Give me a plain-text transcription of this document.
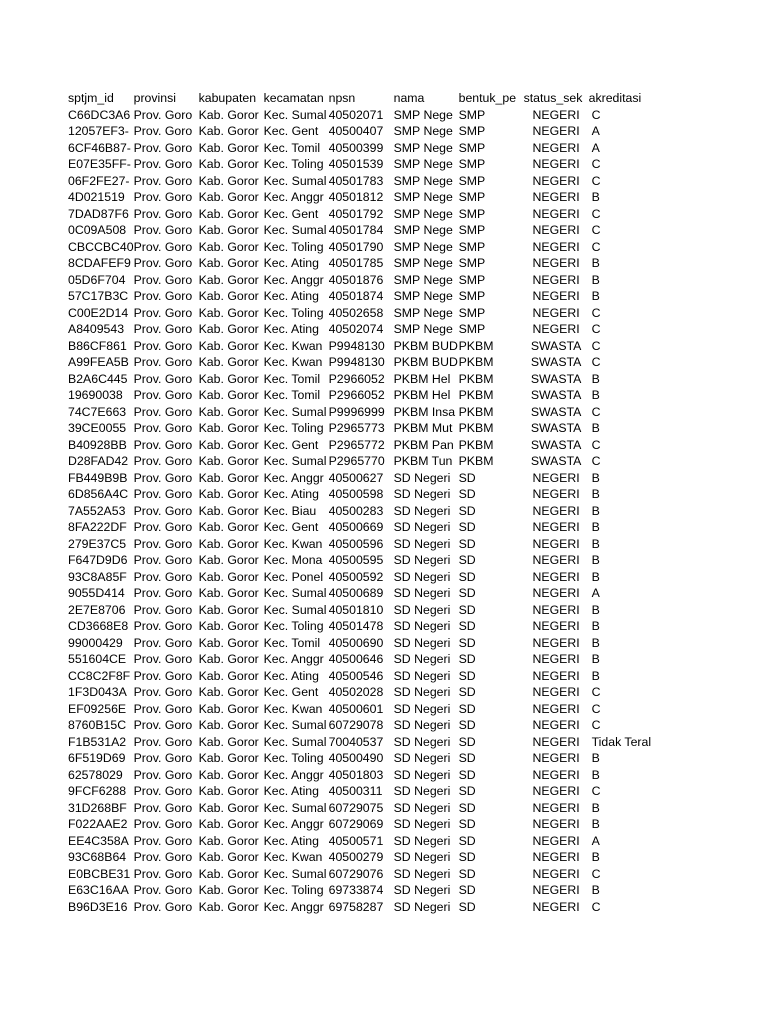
sptjm_id	provinsi	kabupaten	kecamatan	npsn	nama	bentuk_pe	status_sek	akreditasi
C66DC3A6	Prov. Goro	Kab. Goror	Kec. Sumal	40502071	SMP Nege	SMP	NEGERI	C
12057EF3-	Prov. Goro	Kab. Goror	Kec. Gent	40500407	SMP Nege	SMP	NEGERI	A
6CF46B87-	Prov. Goro	Kab. Goror	Kec. Tomil	40500399	SMP Nege	SMP	NEGERI	A
E07E35FF-	Prov. Goro	Kab. Goror	Kec. Toling	40501539	SMP Nege	SMP	NEGERI	C
06F2FE27-	Prov. Goro	Kab. Goror	Kec. Sumal	40501783	SMP Nege	SMP	NEGERI	C
4D021519	Prov. Goro	Kab. Goror	Kec. Anggr	40501812	SMP Nege	SMP	NEGERI	B
7DAD87F6	Prov. Goro	Kab. Goror	Kec. Gent	40501792	SMP Nege	SMP	NEGERI	C
0C09A508	Prov. Goro	Kab. Goror	Kec. Sumal	40501784	SMP Nege	SMP	NEGERI	C
CBCCBC40	Prov. Goro	Kab. Goror	Kec. Toling	40501790	SMP Nege	SMP	NEGERI	C
8CDAFEF9	Prov. Goro	Kab. Goror	Kec. Ating	40501785	SMP Nege	SMP	NEGERI	B
05D6F704	Prov. Goro	Kab. Goror	Kec. Anggr	40501876	SMP Nege	SMP	NEGERI	B
57C17B3C	Prov. Goro	Kab. Goror	Kec. Ating	40501874	SMP Nege	SMP	NEGERI	B
C00E2D14	Prov. Goro	Kab. Goror	Kec. Toling	40502658	SMP Nege	SMP	NEGERI	C
A8409543	Prov. Goro	Kab. Goror	Kec. Ating	40502074	SMP Nege	SMP	NEGERI	C
B86CF861	Prov. Goro	Kab. Goror	Kec. Kwan	P9948130	PKBM BUD	PKBM	SWASTA	C
A99FEA5B	Prov. Goro	Kab. Goror	Kec. Kwan	P9948130	PKBM BUD	PKBM	SWASTA	C
B2A6C445	Prov. Goro	Kab. Goror	Kec. Tomil	P2966052	PKBM Hel	PKBM	SWASTA	B
19690038	Prov. Goro	Kab. Goror	Kec. Tomil	P2966052	PKBM Hel	PKBM	SWASTA	B
74C7E663	Prov. Goro	Kab. Goror	Kec. Sumal	P9996999	PKBM Insa	PKBM	SWASTA	C
39CE0055	Prov. Goro	Kab. Goror	Kec. Toling	P2965773	PKBM Mut	PKBM	SWASTA	B
B40928BB	Prov. Goro	Kab. Goror	Kec. Gent	P2965772	PKBM Pan	PKBM	SWASTA	C
D28FAD42	Prov. Goro	Kab. Goror	Kec. Sumal	P2965770	PKBM Tun	PKBM	SWASTA	C
FB449B9B	Prov. Goro	Kab. Goror	Kec. Anggr	40500627	SD Negeri	SD	NEGERI	B
6D856A4C	Prov. Goro	Kab. Goror	Kec. Ating	40500598	SD Negeri	SD	NEGERI	B
7A552A53	Prov. Goro	Kab. Goror	Kec. Biau	40500283	SD Negeri	SD	NEGERI	B
8FA222DF	Prov. Goro	Kab. Goror	Kec. Gent	40500669	SD Negeri	SD	NEGERI	B
279E37C5	Prov. Goro	Kab. Goror	Kec. Kwan	40500596	SD Negeri	SD	NEGERI	B
F647D9D6	Prov. Goro	Kab. Goror	Kec. Mona	40500595	SD Negeri	SD	NEGERI	B
93C8A85F	Prov. Goro	Kab. Goror	Kec. Ponel	40500592	SD Negeri	SD	NEGERI	B
9055D414	Prov. Goro	Kab. Goror	Kec. Sumal	40500689	SD Negeri	SD	NEGERI	A
2E7E8706	Prov. Goro	Kab. Goror	Kec. Sumal	40501810	SD Negeri	SD	NEGERI	B
CD3668E8	Prov. Goro	Kab. Goror	Kec. Toling	40501478	SD Negeri	SD	NEGERI	B
99000429	Prov. Goro	Kab. Goror	Kec. Tomil	40500690	SD Negeri	SD	NEGERI	B
551604CE	Prov. Goro	Kab. Goror	Kec. Anggr	40500646	SD Negeri	SD	NEGERI	B
CC8C2F8F	Prov. Goro	Kab. Goror	Kec. Ating	40500546	SD Negeri	SD	NEGERI	B
1F3D043A	Prov. Goro	Kab. Goror	Kec. Gent	40502028	SD Negeri	SD	NEGERI	C
EF09256E	Prov. Goro	Kab. Goror	Kec. Kwan	40500601	SD Negeri	SD	NEGERI	C
8760B15C	Prov. Goro	Kab. Goror	Kec. Sumal	60729078	SD Negeri	SD	NEGERI	C
F1B531A2	Prov. Goro	Kab. Goror	Kec. Sumal	70040537	SD Negeri	SD	NEGERI	Tidak Teral
6F519D69	Prov. Goro	Kab. Goror	Kec. Toling	40500490	SD Negeri	SD	NEGERI	B
62578029	Prov. Goro	Kab. Goror	Kec. Anggr	40501803	SD Negeri	SD	NEGERI	B
9FCF6288	Prov. Goro	Kab. Goror	Kec. Ating	40500311	SD Negeri	SD	NEGERI	C
31D268BF	Prov. Goro	Kab. Goror	Kec. Sumal	60729075	SD Negeri	SD	NEGERI	B
F022AAE2	Prov. Goro	Kab. Goror	Kec. Anggr	60729069	SD Negeri	SD	NEGERI	B
EE4C358A	Prov. Goro	Kab. Goror	Kec. Ating	40500571	SD Negeri	SD	NEGERI	A
93C68B64	Prov. Goro	Kab. Goror	Kec. Kwan	40500279	SD Negeri	SD	NEGERI	B
E0BCBE31	Prov. Goro	Kab. Goror	Kec. Sumal	60729076	SD Negeri	SD	NEGERI	C
E63C16AA	Prov. Goro	Kab. Goror	Kec. Toling	69733874	SD Negeri	SD	NEGERI	B
B96D3E16	Prov. Goro	Kab. Goror	Kec. Anggr	69758287	SD Negeri	SD	NEGERI	C
